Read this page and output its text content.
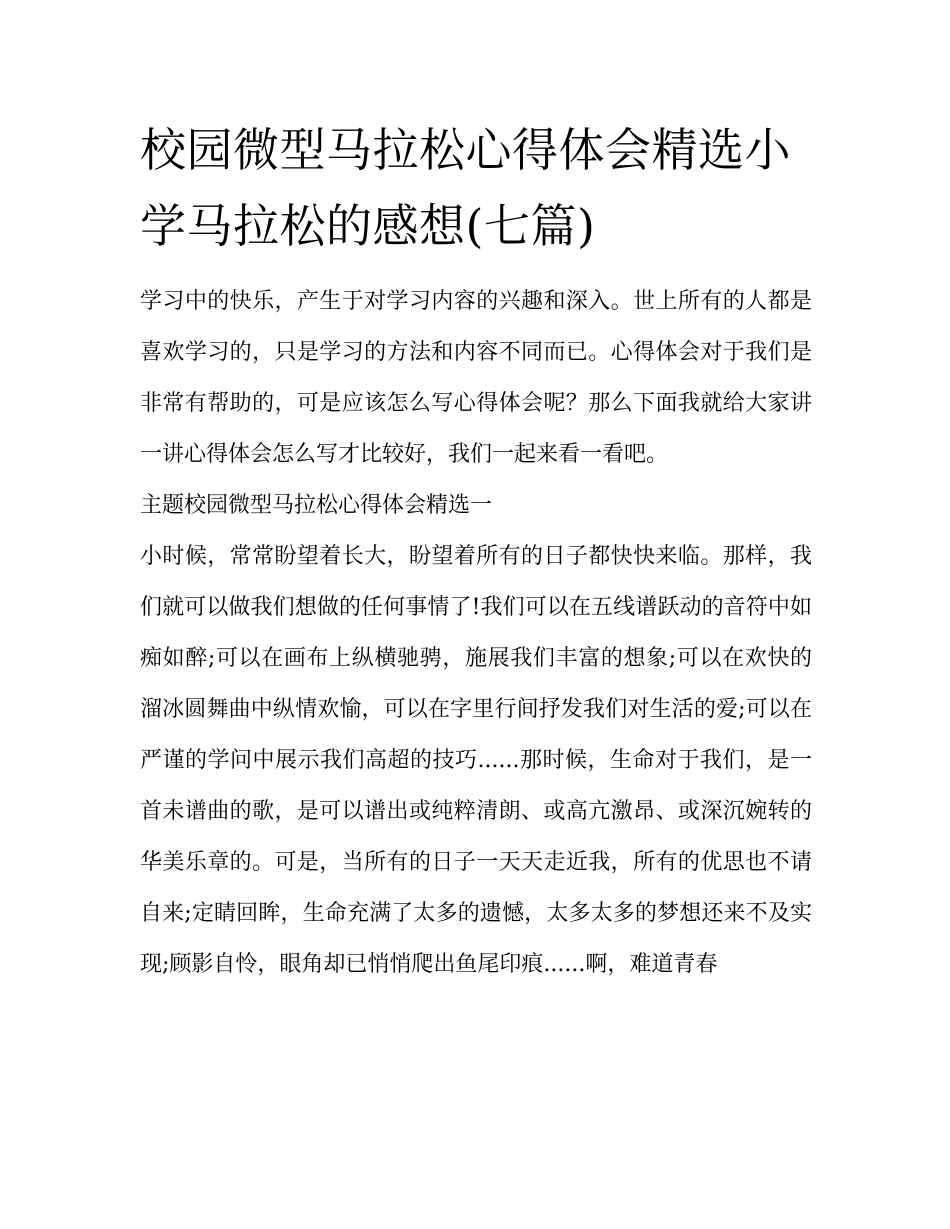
校园微型马拉松心得体会精选小学马拉松的感想(七篇)

学习中的快乐，产生于对学习内容的兴趣和深入。世上所有的人都是喜欢学习的，只是学习的方法和内容不同而已。心得体会对于我们是非常有帮助的，可是应该怎么写心得体会呢？那么下面我就给大家讲一讲心得体会怎么写才比较好，我们一起来看一看吧。

主题校园微型马拉松心得体会精选一

小时候，常常盼望着长大，盼望着所有的日子都快快来临。那样，我们就可以做我们想做的任何事情了!我们可以在五线谱跃动的音符中如痴如醉;可以在画布上纵横驰骋，施展我们丰富的想象;可以在欢快的溜冰圆舞曲中纵情欢愉，可以在字里行间抒发我们对生活的爱;可以在严谨的学问中展示我们高超的技巧......那时候，生命对于我们，是一首未谱曲的歌，是可以谱出或纯粹清朗、或高亢激昂、或深沉婉转的华美乐章的。可是，当所有的日子一天天走近我，所有的优思也不请自来;定睛回眸，生命充满了太多的遗憾，太多太多的梦想还来不及实现;顾影自怜，眼角却已悄悄爬出鱼尾印痕......啊，难道青春
